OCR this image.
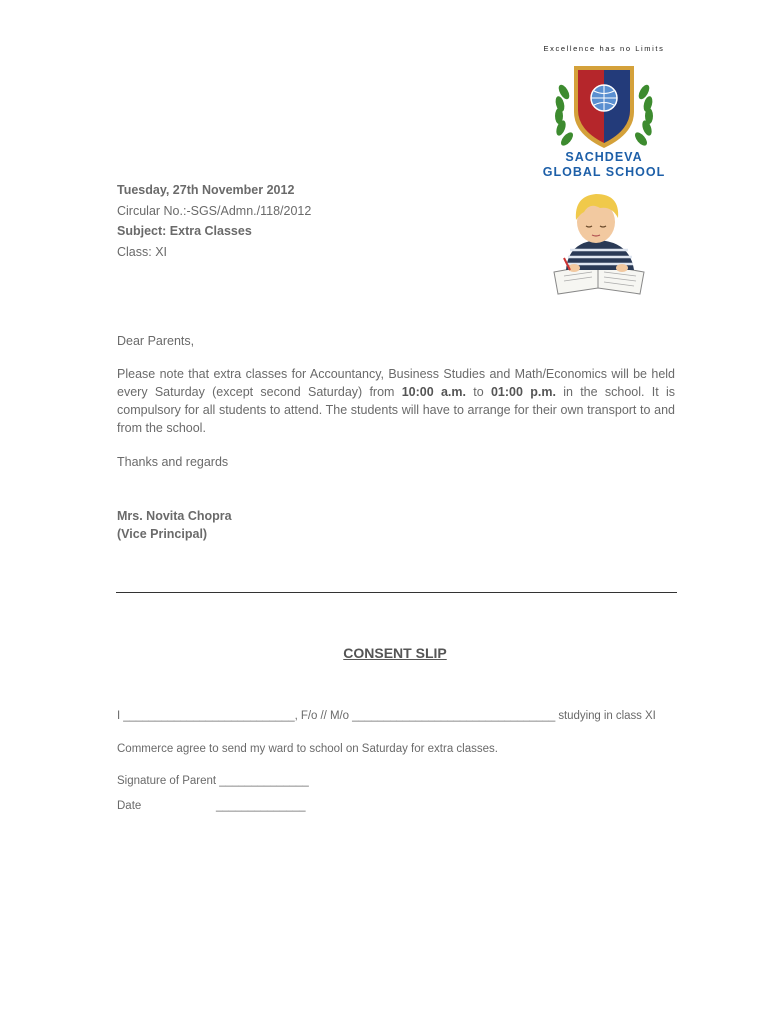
Excellence has no Limits
SACHDEVA
GLOBAL SCHOOL
Tuesday, 27th November 2012
Circular No.:-SGS/Admn./118/2012
Subject: Extra Classes
Class: XI
Dear Parents,
Please note that extra classes for Accountancy, Business Studies and Math/Economics will be held every Saturday (except second Saturday) from 10:00 a.m. to 01:00 p.m. in the school. It is compulsory for all students to attend. The students will have to arrange for their own transport to and from the school.
Thanks and regards
Mrs. Novita Chopra
(Vice Principal)
CONSENT SLIP
I ___________________________, F/o // M/o ________________________________ studying in class XI
Commerce agree to send my ward to school on Saturday for extra classes.
Signature of Parent ______________
Date	______________
